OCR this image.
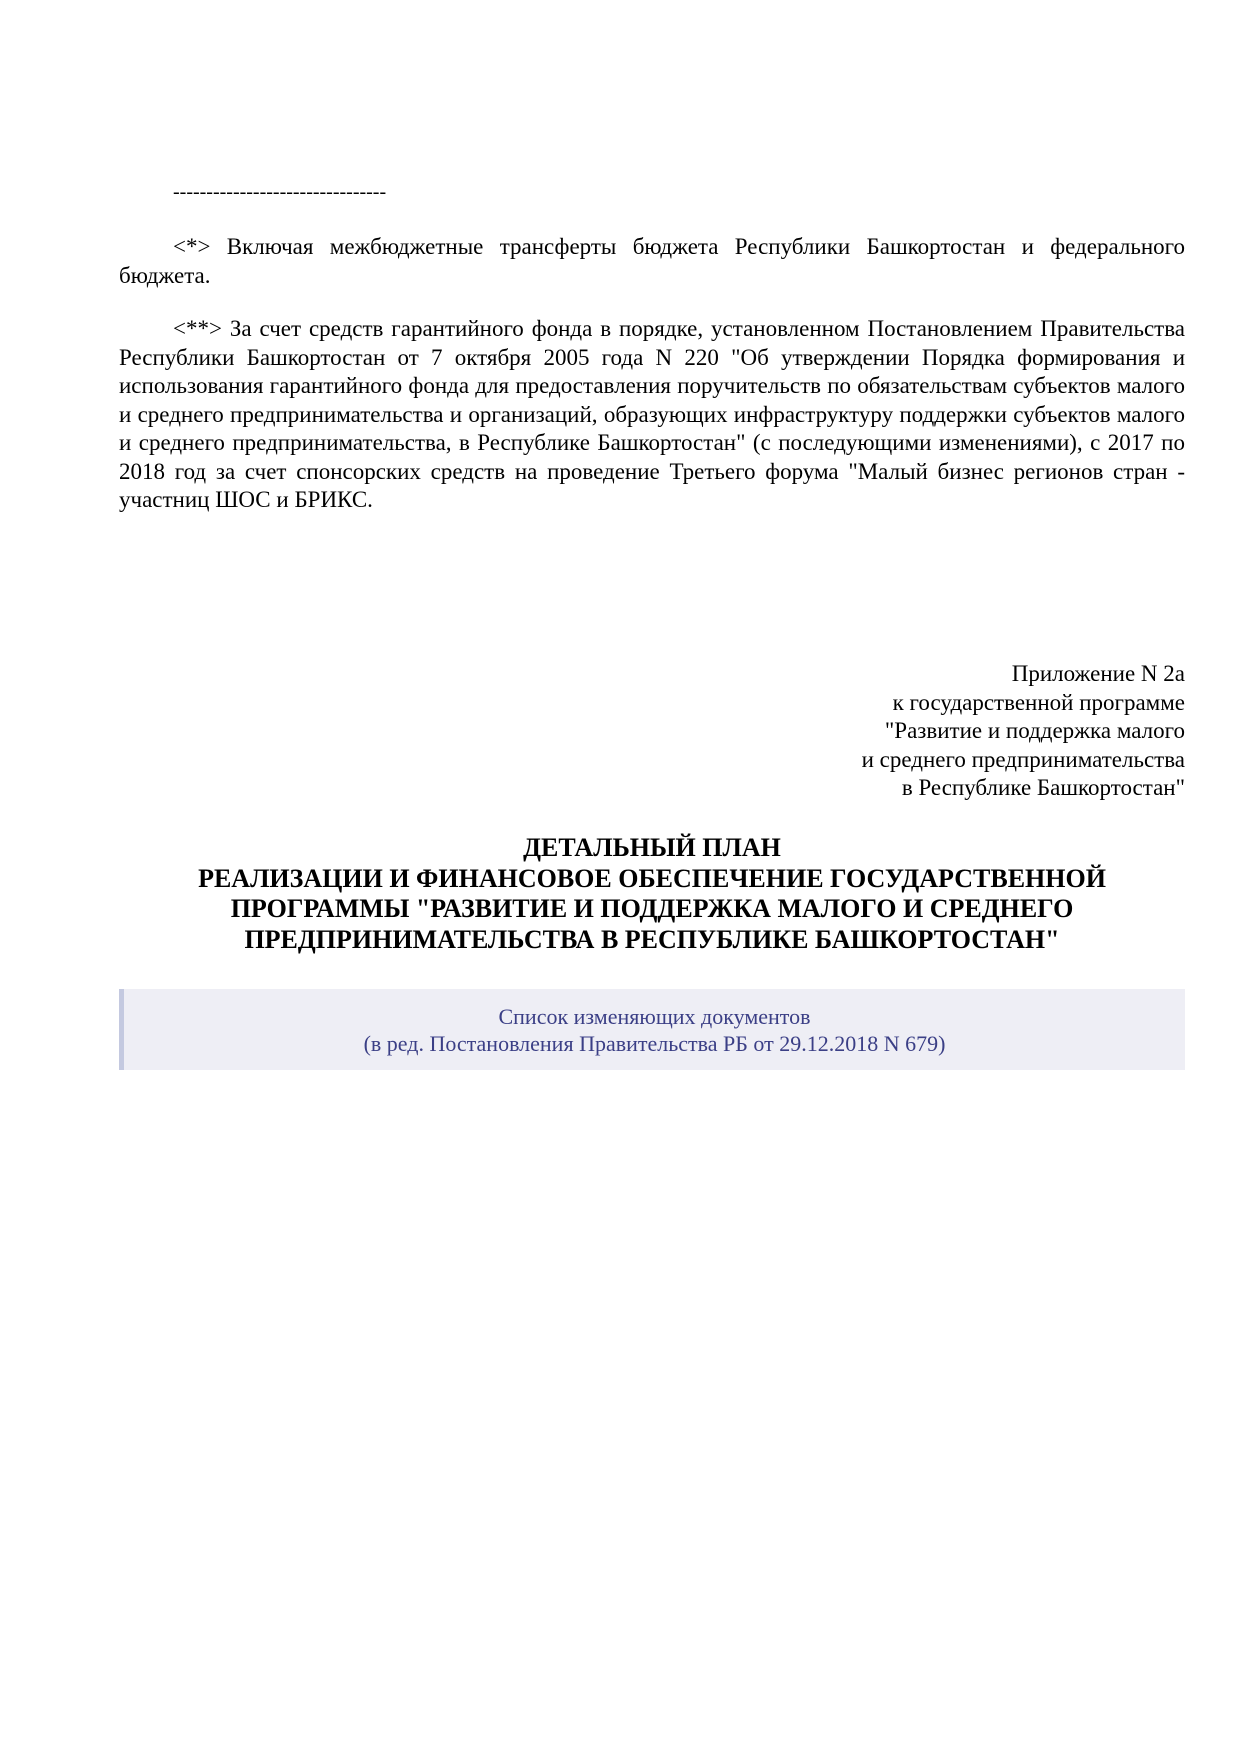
--------------------------------

<*> Включая межбюджетные трансферты бюджета Республики Башкортостан и федерального бюджета.

<**> За счет средств гарантийного фонда в порядке, установленном Постановлением Правительства Республики Башкортостан от 7 октября 2005 года N 220 "Об утверждении Порядка формирования и использования гарантийного фонда для предоставления поручительств по обязательствам субъектов малого и среднего предпринимательства и организаций, образующих инфраструктуру поддержки субъектов малого и среднего предпринимательства, в Республике Башкортостан" (с последующими изменениями), с 2017 по 2018 год за счет спонсорских средств на проведение Третьего форума "Малый бизнес регионов стран - участниц ШОС и БРИКС.

Приложение N 2а
к государственной программе
"Развитие и поддержка малого
и среднего предпринимательства
в Республике Башкортостан"
ДЕТАЛЬНЫЙ ПЛАН
РЕАЛИЗАЦИИ И ФИНАНСОВОЕ ОБЕСПЕЧЕНИЕ ГОСУДАРСТВЕННОЙ
ПРОГРАММЫ "РАЗВИТИЕ И ПОДДЕРЖКА МАЛОГО И СРЕДНЕГО
ПРЕДПРИНИМАТЕЛЬСТВА В РЕСПУБЛИКЕ БАШКОРТОСТАН"
Список изменяющих документов
(в ред. Постановления Правительства РБ от 29.12.2018 N 679)
